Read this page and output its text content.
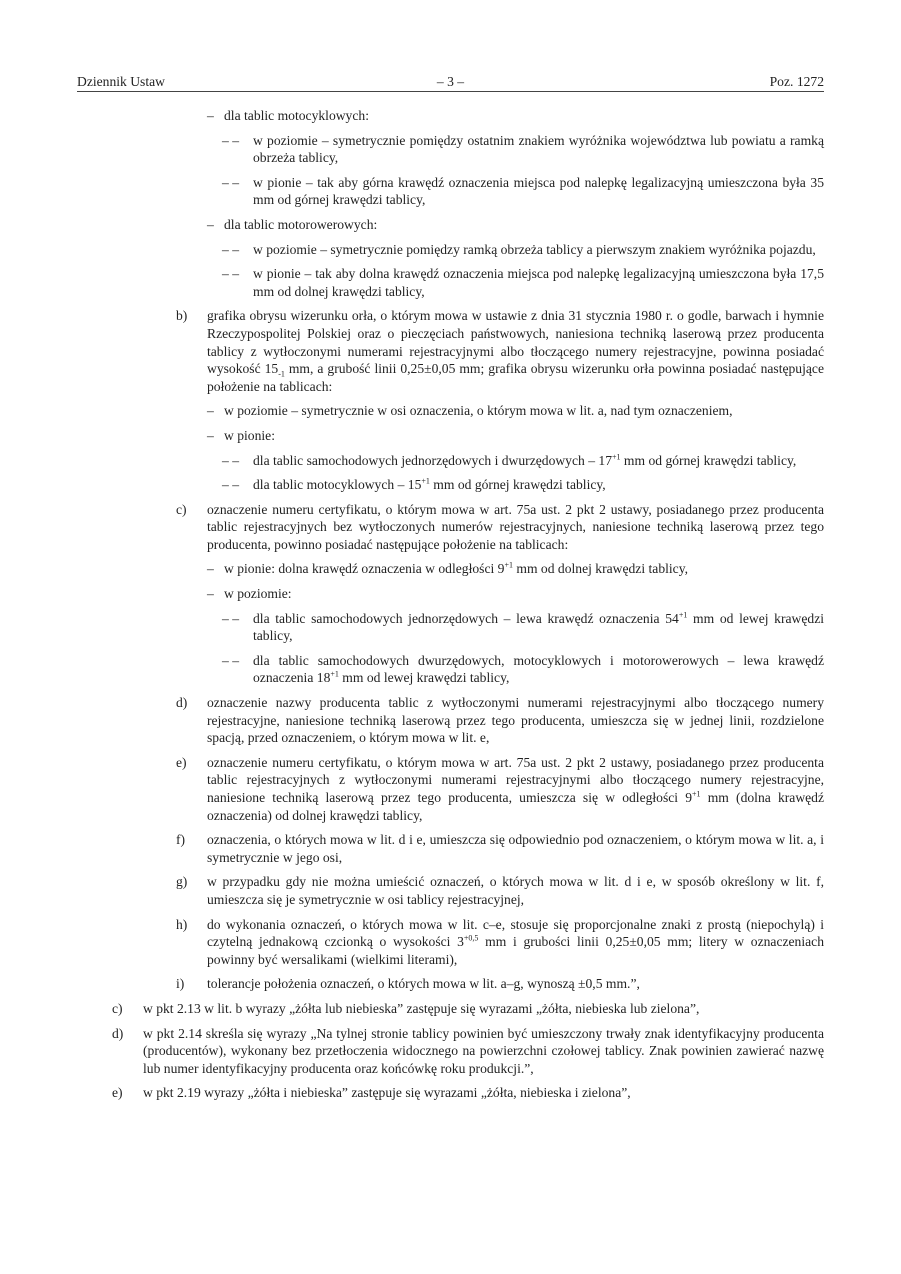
Dziennik Ustaw	– 3 –	Poz. 1272
– dla tablic motocyklowych:
– – w poziomie – symetrycznie pomiędzy ostatnim znakiem wyróżnika województwa lub powiatu a ramką obrzeża tablicy,
– – w pionie – tak aby górna krawędź oznaczenia miejsca pod nalepkę legalizacyjną umieszczona była 35 mm od górnej krawędzi tablicy,
– dla tablic motorowerowych:
– – w poziomie – symetrycznie pomiędzy ramką obrzeża tablicy a pierwszym znakiem wyróżnika pojazdu,
– – w pionie – tak aby dolna krawędź oznaczenia miejsca pod nalepkę legalizacyjną umieszczona była 17,5 mm od dolnej krawędzi tablicy,
b) grafika obrysu wizerunku orła, o którym mowa w ustawie z dnia 31 stycznia 1980 r. o godle, barwach i hymnie Rzeczypospolitej Polskiej oraz o pieczęciach państwowych, naniesiona techniką laserową przez producenta tablicy z wytłoczonymi numerami rejestracyjnymi albo tłoczącego numery rejestracyjne, powinna posiadać wysokość $15_{-1}$ mm, a grubość linii 0,25±0,05 mm; grafika obrysu wizerunku orła powinna posiadać następujące położenie na tablicach:
– w poziomie – symetrycznie w osi oznaczenia, o którym mowa w lit. a, nad tym oznaczeniem,
– w pionie:
– – dla tablic samochodowych jednorzędowych i dwurzędowych – $17^{+1}$ mm od górnej krawędzi tablicy,
– – dla tablic motocyklowych – $15^{+1}$ mm od górnej krawędzi tablicy,
c) oznaczenie numeru certyfikatu, o którym mowa w art. 75a ust. 2 pkt 2 ustawy, posiadanego przez producenta tablic rejestracyjnych bez wytłoczonych numerów rejestracyjnych, naniesione techniką laserową przez tego producenta, powinno posiadać następujące położenie na tablicach:
– w pionie: dolna krawędź oznaczenia w odległości $9^{+1}$ mm od dolnej krawędzi tablicy,
– w poziomie:
– – dla tablic samochodowych jednorzędowych – lewa krawędź oznaczenia $54^{+1}$ mm od lewej krawędzi tablicy,
– – dla tablic samochodowych dwurzędowych, motocyklowych i motorowerowych – lewa krawędź oznaczenia $18^{+1}$ mm od lewej krawędzi tablicy,
d) oznaczenie nazwy producenta tablic z wytłoczonymi numerami rejestracyjnymi albo tłoczącego numery rejestracyjne, naniesione techniką laserową przez tego producenta, umieszcza się w jednej linii, rozdzielone spacją, przed oznaczeniem, o którym mowa w lit. e,
e) oznaczenie numeru certyfikatu, o którym mowa w art. 75a ust. 2 pkt 2 ustawy, posiadanego przez producenta tablic rejestracyjnych z wytłoczonymi numerami rejestracyjnymi albo tłoczącego numery rejestracyjne, naniesione techniką laserową przez tego producenta, umieszcza się w odległości $9^{+1}$ mm (dolna krawędź oznaczenia) od dolnej krawędzi tablicy,
f) oznaczenia, o których mowa w lit. d i e, umieszcza się odpowiednio pod oznaczeniem, o którym mowa w lit. a, i symetrycznie w jego osi,
g) w przypadku gdy nie można umieścić oznaczeń, o których mowa w lit. d i e, w sposób określony w lit. f, umieszcza się je symetrycznie w osi tablicy rejestracyjnej,
h) do wykonania oznaczeń, o których mowa w lit. c–e, stosuje się proporcjonalne znaki z prostą (niepochylą) i czytelną jednakową czcionką o wysokości $3^{+0,5}$ mm i grubości linii 0,25±0,05 mm; litery w oznaczeniach powinny być wersalikami (wielkimi literami),
i) tolerancje położenia oznaczeń, o których mowa w lit. a–g, wynoszą ±0,5 mm.”,
c) w pkt 2.13 w lit. b wyrazy „żółta lub niebieska” zastępuje się wyrazami „żółta, niebieska lub zielona”,
d) w pkt 2.14 skreśla się wyrazy „Na tylnej stronie tablicy powinien być umieszczony trwały znak identyfikacyjny producenta (producentów), wykonany bez przetłoczenia widocznego na powierzchni czołowej tablicy. Znak powinien zawierać nazwę lub numer identyfikacyjny producenta oraz końcówkę roku produkcji.”,
e) w pkt 2.19 wyrazy „żółta i niebieska” zastępuje się wyrazami „żółta, niebieska i zielona”,
